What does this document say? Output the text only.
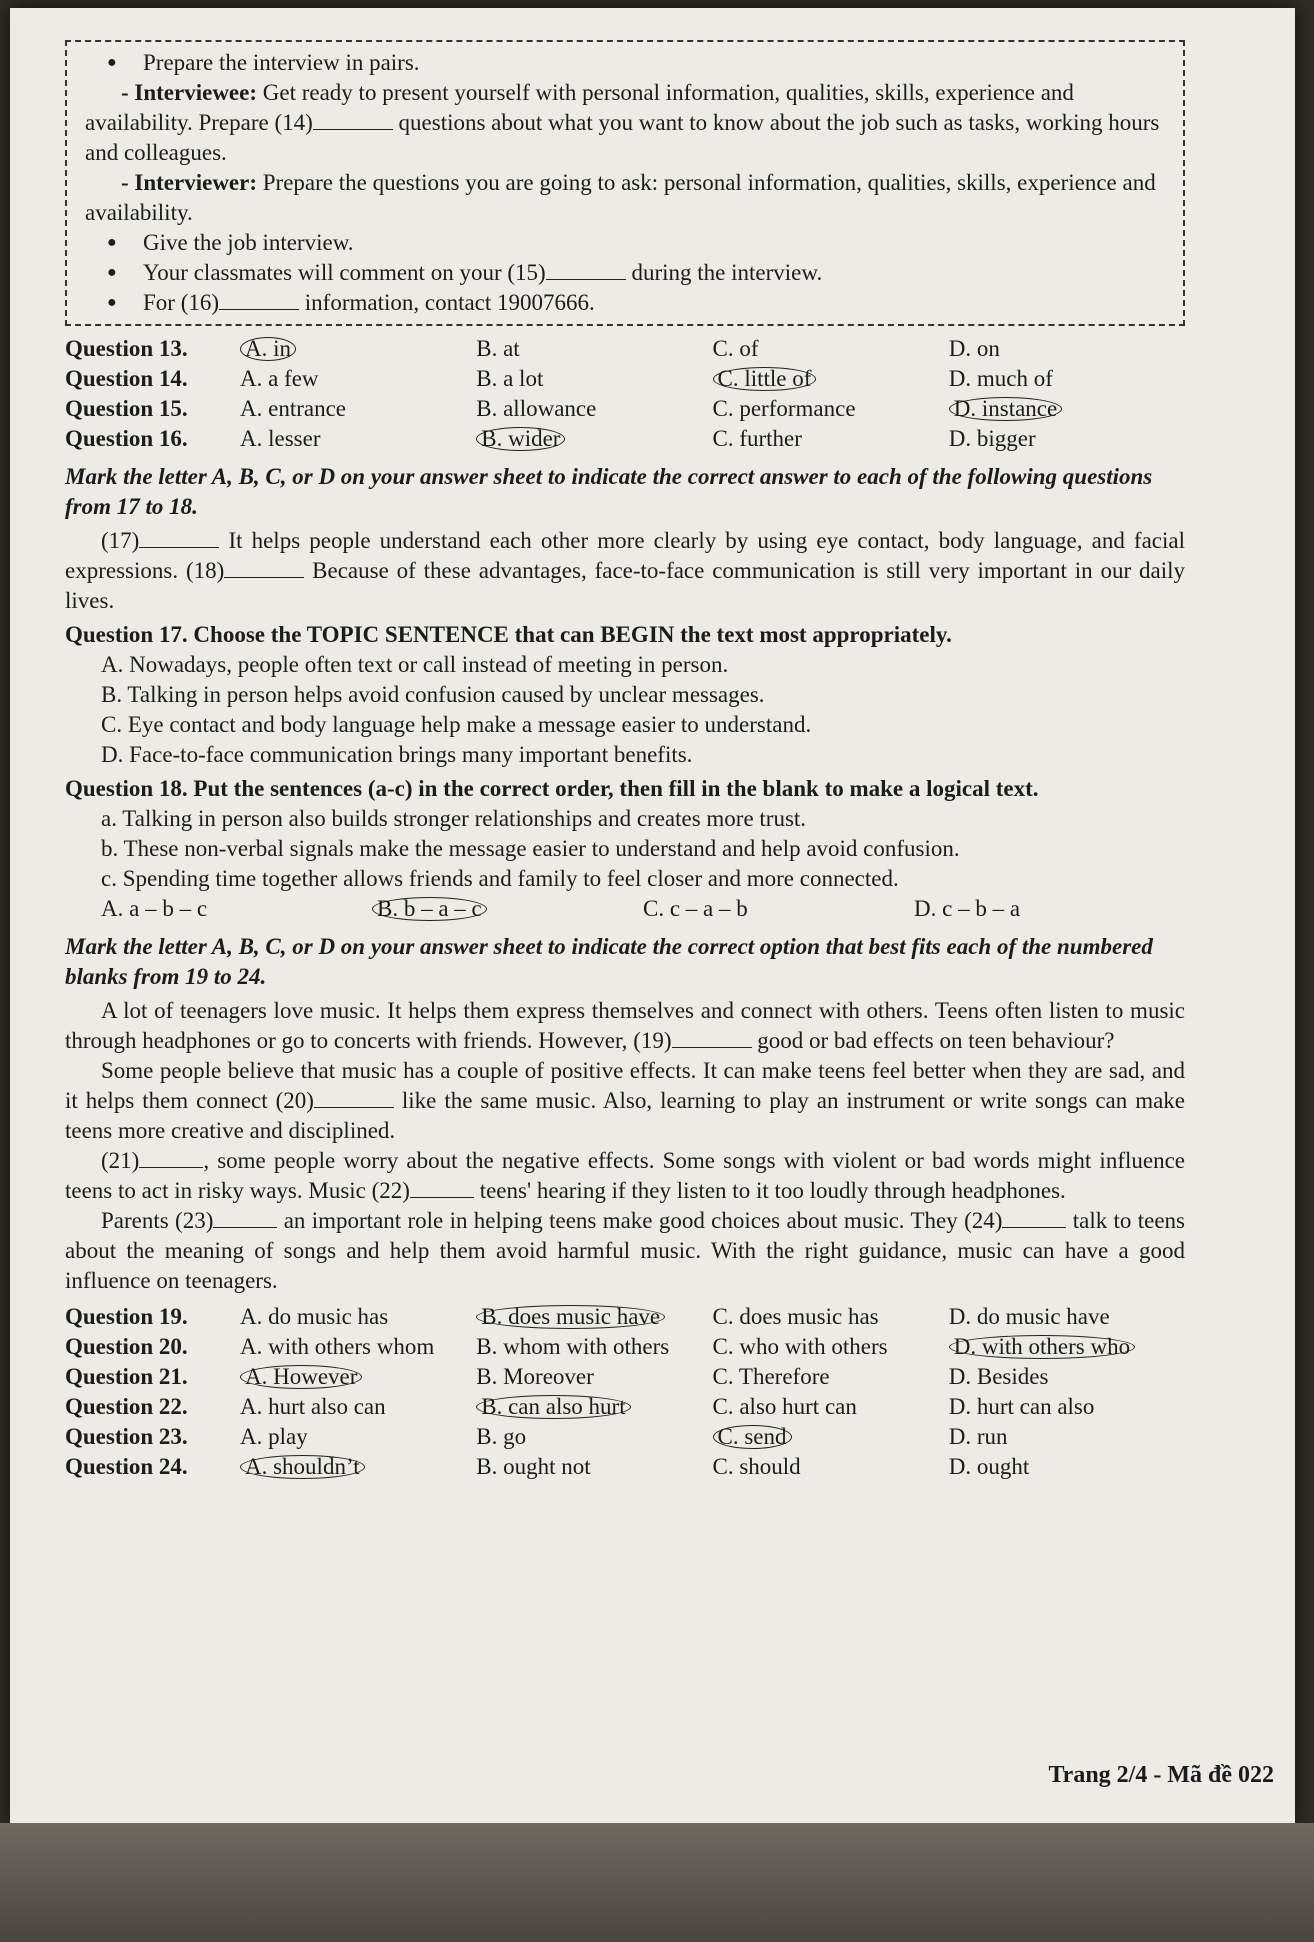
● Prepare the interview in pairs.

- Interviewee: Get ready to present yourself with personal information, qualities, skills, experience and availability. Prepare (14)	questions about what you want to know about the job such as tasks, working hours and colleagues.

- Interviewer: Prepare the questions you are going to ask: personal information, qualities, skills, experience and availability.

● Give the job interview.

● Your classmates will comment on your (15)	during the interview.

● For (16)	information, contact 19007666.

Question 13.	A. in	B. at	C. of	D. on
Question 14.	A. a few	B. a lot	C. little of	D. much of
Question 15.	A. entrance	B. allowance	C. performance	D. instance
Question 16.	A. lesser	B. wider	C. further	D. bigger

Mark the letter A, B, C, or D on your answer sheet to indicate the correct answer to each of the following questions from 17 to 18.

(17)	It helps people understand each other more clearly by using eye contact, body language, and facial expressions. (18)	Because of these advantages, face-to-face communication is still very important in our daily lives.

Question 17. Choose the TOPIC SENTENCE that can BEGIN the text most appropriately.

A. Nowadays, people often text or call instead of meeting in person.
B. Talking in person helps avoid confusion caused by unclear messages.
C. Eye contact and body language help make a message easier to understand.
D. Face-to-face communication brings many important benefits.

Question 18. Put the sentences (a-c) in the correct order, then fill in the blank to make a logical text.

a. Talking in person also builds stronger relationships and creates more trust.
b. These non-verbal signals make the message easier to understand and help avoid confusion.
c. Spending time together allows friends and family to feel closer and more connected.
A. a – b – c	B. b – a – c	C. c – a – b	D. c – b – a

Mark the letter A, B, C, or D on your answer sheet to indicate the correct option that best fits each of the numbered blanks from 19 to 24.

A lot of teenagers love music. It helps them express themselves and connect with others. Teens often listen to music through headphones or go to concerts with friends. However, (19)	good or bad effects on teen behaviour?

Some people believe that music has a couple of positive effects. It can make teens feel better when they are sad, and it helps them connect (20)	like the same music. Also, learning to play an instrument or write songs can make teens more creative and disciplined.

(21)	, some people worry about the negative effects. Some songs with violent or bad words might influence teens to act in risky ways. Music (22)	teens' hearing if they listen to it too loudly through headphones.

Parents (23)	an important role in helping teens make good choices about music. They (24)	talk to teens about the meaning of songs and help them avoid harmful music. With the right guidance, music can have a good influence on teenagers.

Question 19.	A. do music has	B. does music have	C. does music has	D. do music have
Question 20.	A. with others whom	B. whom with others	C. who with others	D. with others who
Question 21.	A. However	B. Moreover	C. Therefore	D. Besides
Question 22.	A. hurt also can	B. can also hurt	C. also hurt can	D. hurt can also
Question 23.	A. play	B. go	C. send	D. run
Question 24.	A. shouldn’t	B. ought not	C. should	D. ought
Trang 2/4 - Mã đề 022
